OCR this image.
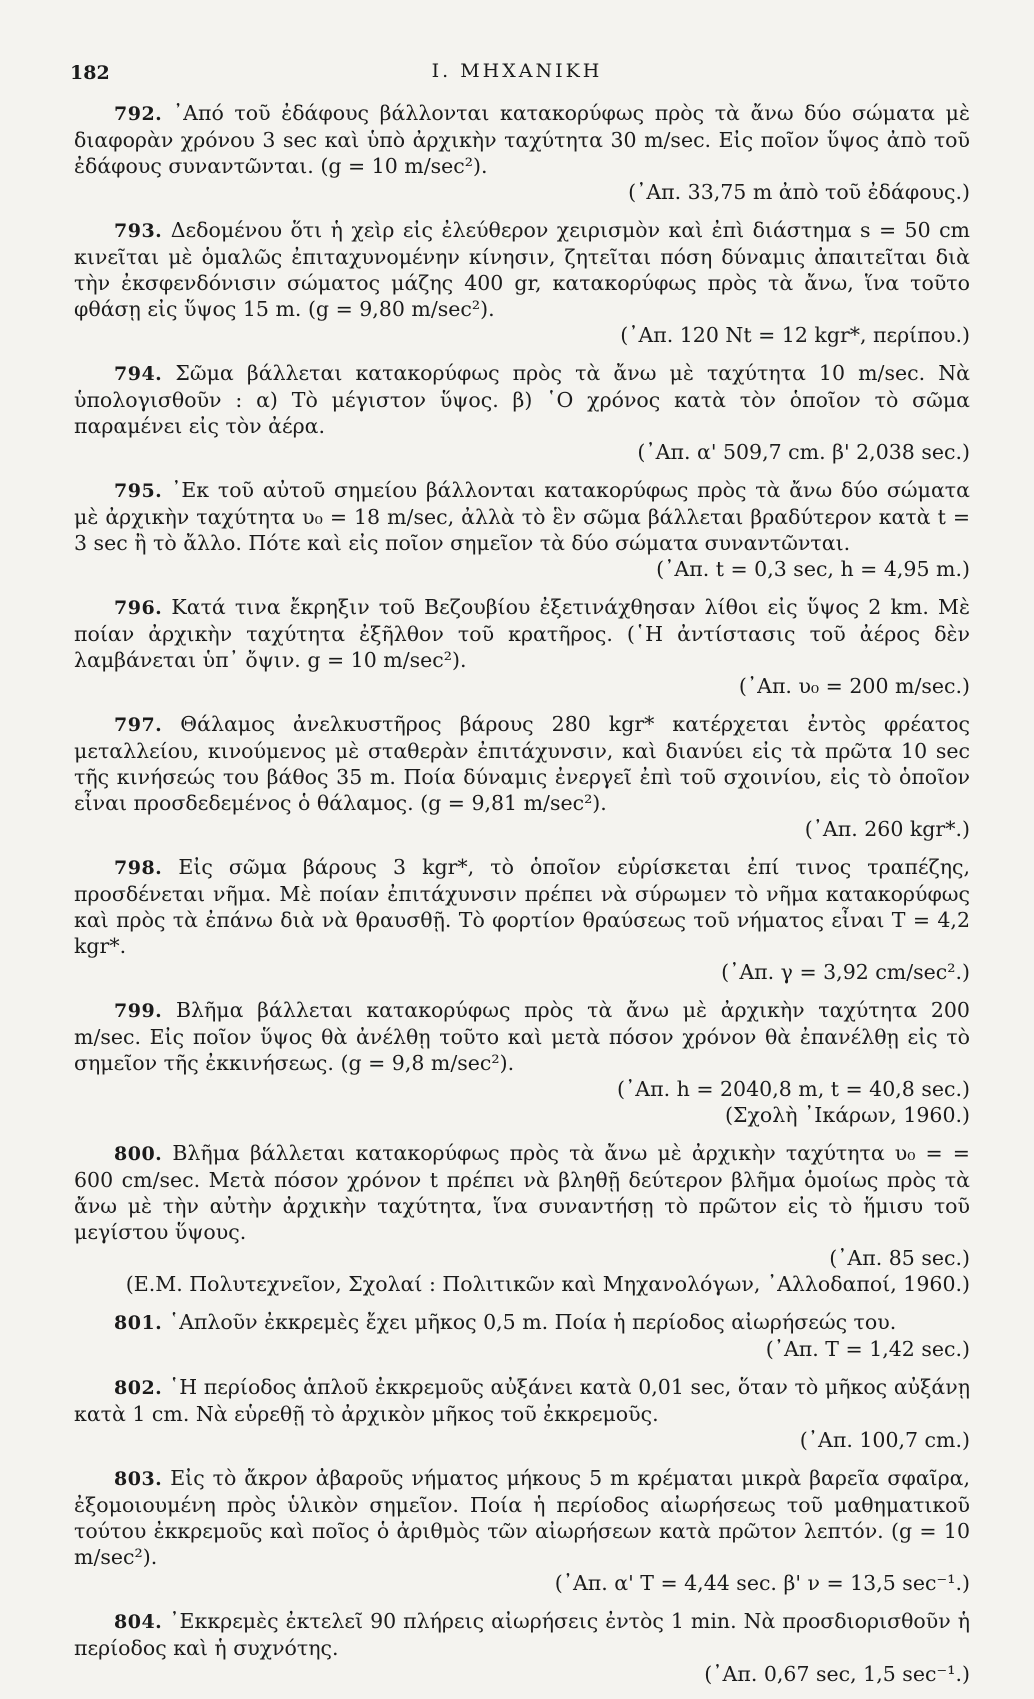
182	Ι. ΜΗΧΑΝΙΚΗ

792. ᾿Από τοῦ ἐδάφους βάλλονται κατακορύφως πρὸς τὰ ἄνω δύο σώματα μὲ διαφορὰν χρόνου 3 sec καὶ ὑπὸ ἀρχικὴν ταχύτητα 30 m/sec. Εἰς ποῖον ὕψος ἀπὸ τοῦ ἐδάφους συναντῶνται. (g = 10 m/sec²).

(᾿Απ. 33,75 m ἀπὸ τοῦ ἐδάφους.)

793. Δεδομένου ὅτι ἡ χεὶρ εἰς ἐλεύθερον χειρισμὸν καὶ ἐπὶ διάστημα s = 50 cm κινεῖται μὲ ὁμαλῶς ἐπιταχυνομένην κίνησιν, ζητεῖται πόση δύναμις ἀπαιτεῖται διὰ τὴν ἐκσφενδόνισιν σώματος μάζης 400 gr, κατακορύφως πρὸς τὰ ἄνω, ἵνα τοῦτο φθάσῃ εἰς ὕψος 15 m. (g = 9,80 m/sec²).

(᾿Απ. 120 Nt = 12 kgr*, περίπου.)

794. Σῶμα βάλλεται κατακορύφως πρὸς τὰ ἄνω μὲ ταχύτητα 10 m/sec. Νὰ ὑπολογισθοῦν : α) Τὸ μέγιστον ὕψος. β) ῾Ο χρόνος κατὰ τὸν ὁποῖον τὸ σῶμα παραμένει εἰς τὸν ἀέρα.

(᾿Απ. α' 509,7 cm. β' 2,038 sec.)

795. ᾿Εκ τοῦ αὐτοῦ σημείου βάλλονται κατακορύφως πρὸς τὰ ἄνω δύο σώματα μὲ ἀρχικὴν ταχύτητα υ₀ = 18 m/sec, ἀλλὰ τὸ ἓν σῶμα βάλλεται βραδύτερον κατὰ t = 3 sec ἢ τὸ ἄλλο. Πότε καὶ εἰς ποῖον σημεῖον τὰ δύο σώματα συναντῶνται.

(᾿Απ. t = 0,3 sec, h = 4,95 m.)

796. Κατά τινα ἔκρηξιν τοῦ Βεζουβίου ἐξετινάχθησαν λίθοι εἰς ὕψος 2 km. Μὲ ποίαν ἀρχικὴν ταχύτητα ἐξῆλθον τοῦ κρατῆρος. (῾Η ἀντίστασις τοῦ ἀέρος δὲν λαμβάνεται ὑπ᾿ ὄψιν. g = 10 m/sec²).

(᾿Απ. υ₀ = 200 m/sec.)

797. Θάλαμος ἀνελκυστῆρος βάρους 280 kgr* κατέρχεται ἐντὸς φρέατος μεταλλείου, κινούμενος μὲ σταθερὰν ἐπιτάχυνσιν, καὶ διανύει εἰς τὰ πρῶτα 10 sec τῆς κινήσεώς του βάθος 35 m. Ποία δύναμις ἐνεργεῖ ἐπὶ τοῦ σχοινίου, εἰς τὸ ὁποῖον εἶναι προσδεδεμένος ὁ θάλαμος. (g = 9,81 m/sec²).

(᾿Απ. 260 kgr*.)

798. Εἰς σῶμα βάρους 3 kgr*, τὸ ὁποῖον εὑρίσκεται ἐπί τινος τραπέζης, προσδένεται νῆμα. Μὲ ποίαν ἐπιτάχυνσιν πρέπει νὰ σύρωμεν τὸ νῆμα κατακορύφως καὶ πρὸς τὰ ἐπάνω διὰ νὰ θραυσθῇ. Τὸ φορτίον θραύσεως τοῦ νήματος εἶναι T = 4,2 kgr*.

(᾿Απ. γ = 3,92 cm/sec².)

799. Βλῆμα βάλλεται κατακορύφως πρὸς τὰ ἄνω μὲ ἀρχικὴν ταχύτητα 200 m/sec. Εἰς ποῖον ὕψος θὰ ἀνέλθῃ τοῦτο καὶ μετὰ πόσον χρόνον θὰ ἐπανέλθῃ εἰς τὸ σημεῖον τῆς ἐκκινήσεως. (g = 9,8 m/sec²).

(᾿Απ. h = 2040,8 m, t = 40,8 sec.)

(Σχολὴ ᾿Ικάρων, 1960.)

800. Βλῆμα βάλλεται κατακορύφως πρὸς τὰ ἄνω μὲ ἀρχικὴν ταχύτητα υ₀ = = 600 cm/sec. Μετὰ πόσον χρόνον t πρέπει νὰ βληθῇ δεύτερον βλῆμα ὁμοίως πρὸς τὰ ἄνω μὲ τὴν αὐτὴν ἀρχικὴν ταχύτητα, ἵνα συναντήσῃ τὸ πρῶτον εἰς τὸ ἥμισυ τοῦ μεγίστου ὕψους.

(᾿Απ. 85 sec.)

(Ε.Μ. Πολυτεχνεῖον, Σχολαί : Πολιτικῶν καὶ Μηχανολόγων, ᾿Αλλοδαποί, 1960.)

801. ῾Απλοῦν ἐκκρεμὲς ἔχει μῆκος 0,5 m. Ποία ἡ περίοδος αἰωρήσεώς του.

(᾿Απ. T = 1,42 sec.)

802. ῾Η περίοδος ἁπλοῦ ἐκκρεμοῦς αὐξάνει κατὰ 0,01 sec, ὅταν τὸ μῆκος αὐξάνῃ κατὰ 1 cm. Νὰ εὑρεθῇ τὸ ἀρχικὸν μῆκος τοῦ ἐκκρεμοῦς.

(᾿Απ. 100,7 cm.)

803. Εἰς τὸ ἄκρον ἀβαροῦς νήματος μήκους 5 m κρέμαται μικρὰ βαρεῖα σφαῖρα, ἐξομοιουμένη πρὸς ὑλικὸν σημεῖον. Ποία ἡ περίοδος αἰωρήσεως τοῦ μαθηματικοῦ τούτου ἐκκρεμοῦς καὶ ποῖος ὁ ἀριθμὸς τῶν αἰωρήσεων κατὰ πρῶτον λεπτόν. (g = 10 m/sec²).

(᾿Απ. α' T = 4,44 sec. β' ν = 13,5 sec⁻¹.)

804. ᾿Εκκρεμὲς ἐκτελεῖ 90 πλήρεις αἰωρήσεις ἐντὸς 1 min. Νὰ προσδιορισθοῦν ἡ περίοδος καὶ ἡ συχνότης.

(᾿Απ. 0,67 sec, 1,5 sec⁻¹.)
